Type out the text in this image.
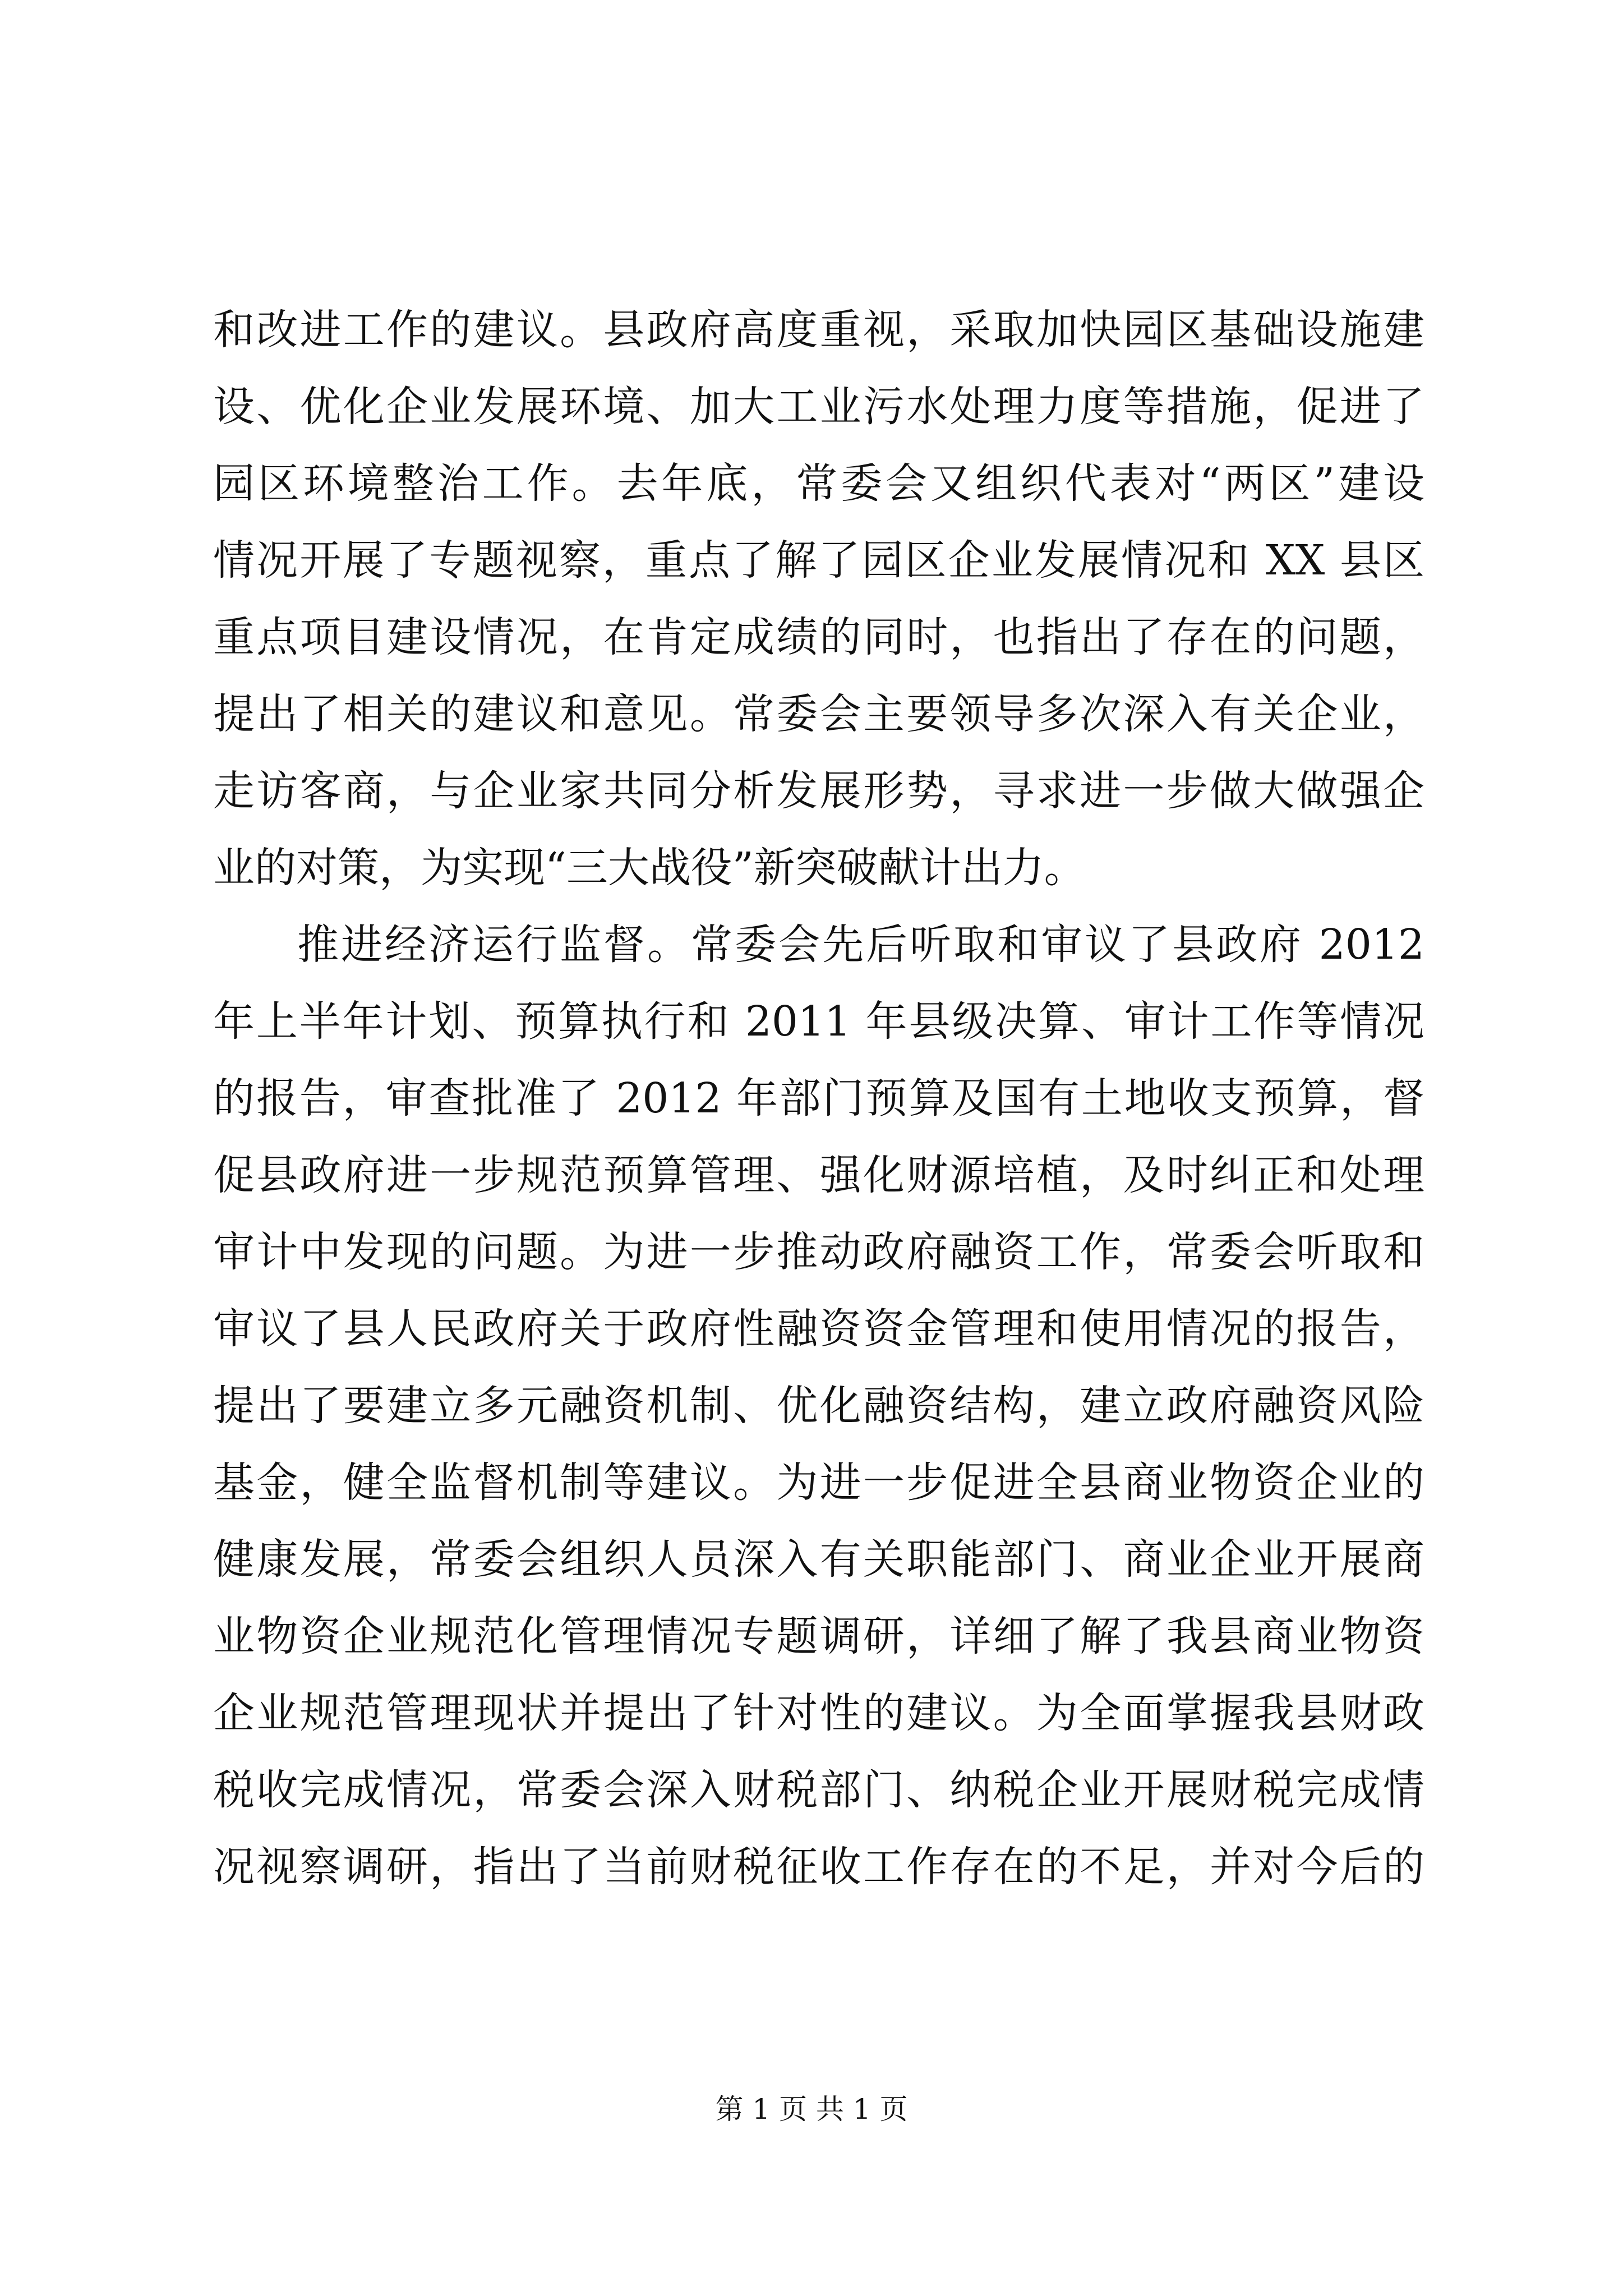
和改进工作的建议。县政府高度重视，采取加快园区基础设施建
设、优化企业发展环境、加大工业污水处理力度等措施，促进了
园区环境整治工作。去年底，常委会又组织代表对“两区”建设
情况开展了专题视察，重点了解了园区企业发展情况和 XX 县区
重点项目建设情况，在肯定成绩的同时，也指出了存在的问题，
提出了相关的建议和意见。常委会主要领导多次深入有关企业，
走访客商，与企业家共同分析发展形势，寻求进一步做大做强企
业的对策，为实现“三大战役”新突破献计出力。
推进经济运行监督。常委会先后听取和审议了县政府 2012
年上半年计划、预算执行和 2011 年县级决算、审计工作等情况
的报告，审查批准了 2012 年部门预算及国有土地收支预算，督
促县政府进一步规范预算管理、强化财源培植，及时纠正和处理
审计中发现的问题。为进一步推动政府融资工作，常委会听取和
审议了县人民政府关于政府性融资资金管理和使用情况的报告，
提出了要建立多元融资机制、优化融资结构，建立政府融资风险
基金，健全监督机制等建议。为进一步促进全县商业物资企业的
健康发展，常委会组织人员深入有关职能部门、商业企业开展商
业物资企业规范化管理情况专题调研，详细了解了我县商业物资
企业规范管理现状并提出了针对性的建议。为全面掌握我县财政
税收完成情况，常委会深入财税部门、纳税企业开展财税完成情
况视察调研，指出了当前财税征收工作存在的不足，并对今后的
第 1 页 共 1 页
